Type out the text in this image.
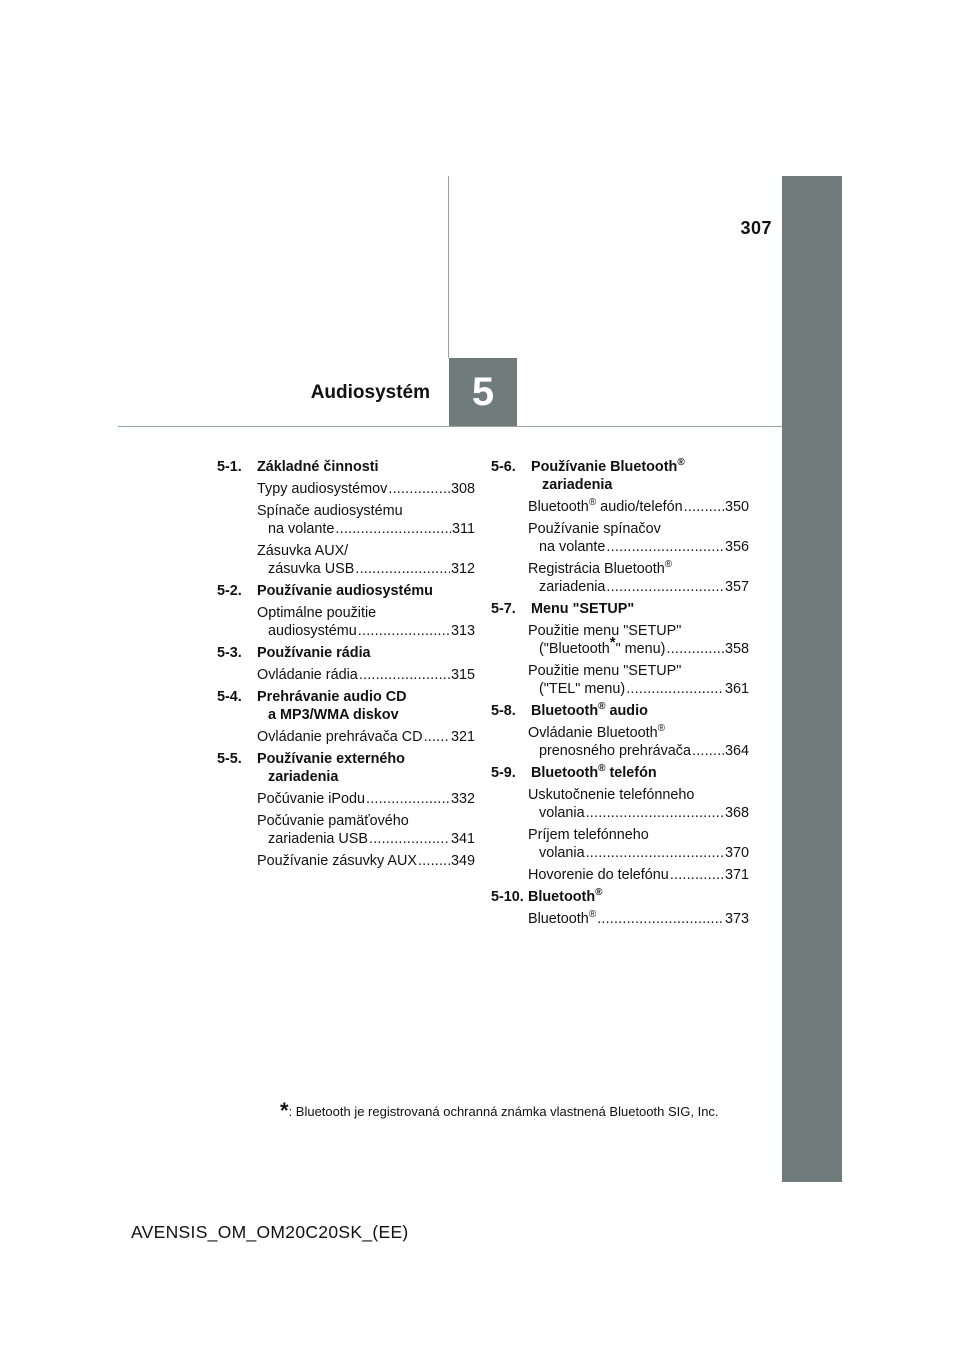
307
Audiosystém	5
5-1.	Základné činnosti
Typy audiosystémov .....	308
Spínače audiosystému
na volante .....	311
Zásuvka AUX/
zásuvka USB .....	312
5-2.	Používanie audiosystému
Optimálne použitie
audiosystému .....	313
5-3.	Používanie rádia
Ovládanie rádia .....	315
5-4.	Prehrávanie audio CD
a MP3/WMA diskov
Ovládanie prehrávača CD ..... 321
5-5.	Používanie externého
zariadenia
Počúvanie iPodu .....	332
Počúvanie pamäťového
zariadenia USB .....	341
Používanie zásuvky AUX ..... 349
5-6.	Používanie Bluetooth®
zariadenia
Bluetooth® audio/telefón .....	350
Používanie spínačov
na volante .....	356
Registrácia Bluetooth®
zariadenia .....	357
5-7.	Menu "SETUP"
Použitie menu "SETUP"
("Bluetooth*" menu) .....	358
Použitie menu "SETUP"
("TEL" menu) .....	361
5-8.	Bluetooth® audio
Ovládanie Bluetooth®
prenosného prehrávača ..... 364
5-9.	Bluetooth® telefón
Uskutočnenie telefónneho
volania .....	368
Príjem telefónneho
volania .....	370
Hovorenie do telefónu .....	371
5-10. Bluetooth®
Bluetooth® .....	373
*: Bluetooth je registrovaná ochranná známka vlastnená Bluetooth SIG, Inc.
AVENSIS_OM_OM20C20SK_(EE)
